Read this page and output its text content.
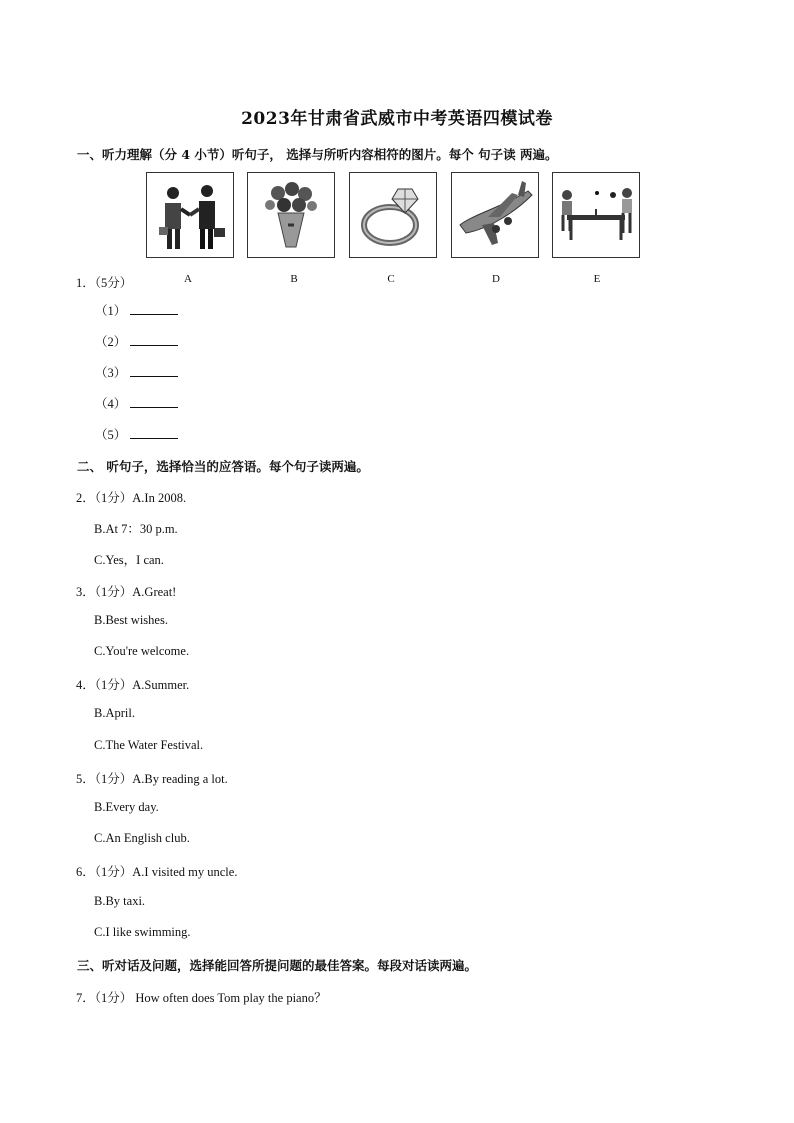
2023年甘肃省武威市中考英语四模试卷
一、听力理解（分 4 小节）听句子， 选择与所听内容相符的图片。每个 句子读 两遍。
A	B	C	D	E
1．（5分）
（1）
（2）
（3）
（4）
（5）
二、 听句子，选择恰当的应答语。每个句子读两遍。
2．（1分）A.In 2008.
B.At 7：30 p.m.
C.Yes，I can.
3．（1分）A.Great!
B.Best wishes.
C.You're welcome.
4．（1分）A.Summer.
B.April.
C.The Water Festival.
5．（1分）A.By reading a lot.
B.Every day.
C.An English club.
6．（1分）A.I visited my uncle.
B.By taxi.
C.I like swimming.
三、听对话及问题，选择能回答所提问题的最佳答案。每段对话读两遍。
7．（1分） How often does Tom play the piano？
